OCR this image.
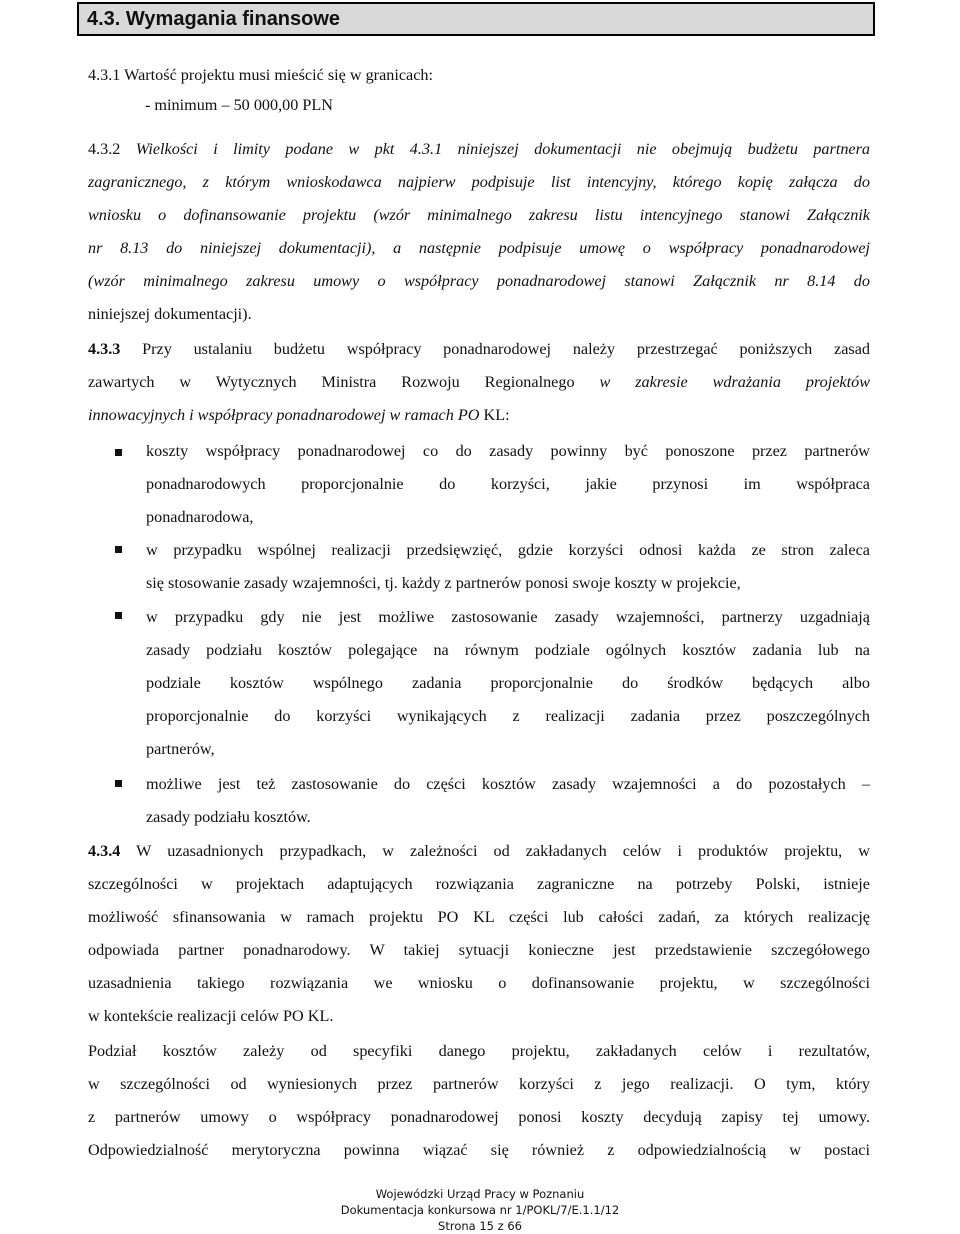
4.3. Wymagania finansowe
4.3.1 Wartość projektu musi mieścić się w granicach:
- minimum – 50 000,00 PLN
4.3.2 Wielkości i limity podane w pkt 4.3.1 niniejszej dokumentacji nie obejmują budżetu partnera
zagranicznego, z którym wnioskodawca najpierw podpisuje list intencyjny, którego kopię załącza do
wniosku o dofinansowanie projektu (wzór minimalnego zakresu listu intencyjnego stanowi Załącznik
nr 8.13 do niniejszej dokumentacji), a następnie podpisuje umowę o współpracy ponadnarodowej
(wzór minimalnego zakresu umowy o współpracy ponadnarodowej stanowi Załącznik nr 8.14 do
niniejszej dokumentacji).
4.3.3 Przy ustalaniu budżetu współpracy ponadnarodowej należy przestrzegać poniższych zasad
zawartych w Wytycznych Ministra Rozwoju Regionalnego w zakresie wdrażania projektów
innowacyjnych i współpracy ponadnarodowej w ramach PO KL:
koszty współpracy ponadnarodowej co do zasady powinny być ponoszone przez partnerów
ponadnarodowych proporcjonalnie do korzyści, jakie przynosi im współpraca
ponadnarodowa,
w przypadku wspólnej realizacji przedsięwzięć, gdzie korzyści odnosi każda ze stron zaleca
się stosowanie zasady wzajemności, tj. każdy z partnerów ponosi swoje koszty w projekcie,
w przypadku gdy nie jest możliwe zastosowanie zasady wzajemności, partnerzy uzgadniają
zasady podziału kosztów polegające na równym podziale ogólnych kosztów zadania lub na
podziale kosztów wspólnego zadania proporcjonalnie do środków będących albo
proporcjonalnie do korzyści wynikających z realizacji zadania przez poszczególnych
partnerów,
możliwe jest też zastosowanie do części kosztów zasady wzajemności a do pozostałych –
zasady podziału kosztów.
4.3.4 W uzasadnionych przypadkach, w zależności od zakładanych celów i produktów projektu, w
szczególności w projektach adaptujących rozwiązania zagraniczne na potrzeby Polski, istnieje
możliwość sfinansowania w ramach projektu PO KL części lub całości zadań, za których realizację
odpowiada partner ponadnarodowy. W takiej sytuacji konieczne jest przedstawienie szczegółowego
uzasadnienia takiego rozwiązania we wniosku o dofinansowanie projektu, w szczególności
w kontekście realizacji celów PO KL.
Podział kosztów zależy od specyfiki danego projektu, zakładanych celów i rezultatów,
w szczególności od wyniesionych przez partnerów korzyści z jego realizacji. O tym, który
z partnerów umowy o współpracy ponadnarodowej ponosi koszty decydują zapisy tej umowy.
Odpowiedzialność merytoryczna powinna wiązać się również z odpowiedzialnością w postaci
Wojewódzki Urząd Pracy w Poznaniu
Dokumentacja konkursowa nr 1/POKL/7/E.1.1/12
Strona 15 z 66
